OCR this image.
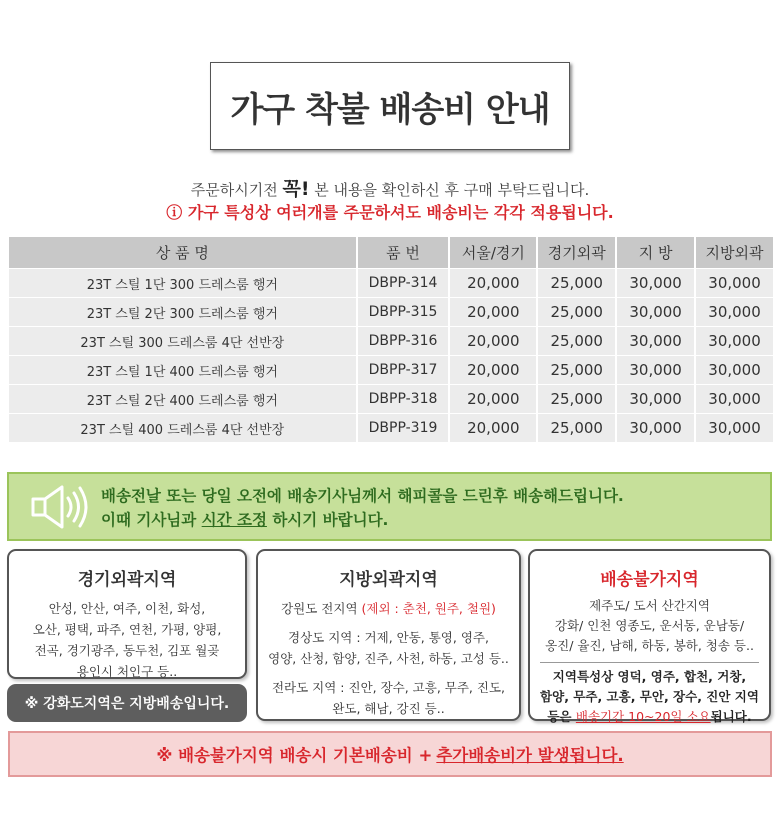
가구 착불 배송비 안내
주문하시기전 꼭! 본 내용을 확인하신 후 구매 부탁드립니다.
ⓘ 가구 특성상 여러개를 주문하셔도 배송비는 각각 적용됩니다.
상 품 명	품 번	서울/경기	경기외곽	지 방	지방외곽
23T 스틸 1단 300 드레스룸 행거	DBPP-314	20,000	25,000	30,000	30,000
23T 스틸 2단 300 드레스룸 행거	DBPP-315	20,000	25,000	30,000	30,000
23T 스틸 300 드레스룸 4단 선반장	DBPP-316	20,000	25,000	30,000	30,000
23T 스틸 1단 400 드레스룸 행거	DBPP-317	20,000	25,000	30,000	30,000
23T 스틸 2단 400 드레스룸 행거	DBPP-318	20,000	25,000	30,000	30,000
23T 스틸 400 드레스룸 4단 선반장	DBPP-319	20,000	25,000	30,000	30,000
배송전날 또는 당일 오전에 배송기사님께서 해피콜을 드린후 배송해드립니다.
이때 기사님과 시간 조정 하시기 바랍니다.
경기외곽지역
안성, 안산, 여주, 이천, 화성,
오산, 평택, 파주, 연천, 가평, 양평,
전곡, 경기광주, 동두천, 김포 월곶
용인시 처인구 등..
※ 강화도지역은 지방배송입니다.
지방외곽지역
강원도 전지역 (제외 : 춘천, 원주, 철원)
경상도 지역 : 거제, 안동, 통영, 영주,
영양, 산청, 함양, 진주, 사천, 하동, 고성 등..
전라도 지역 : 진안, 장수, 고흥, 무주, 진도,
완도, 해남, 강진 등..
배송불가지역
제주도/ 도서 산간지역
강화/ 인천 영종도, 운서동, 운남동/
옹진/ 율진, 남해, 하동, 봉하, 청송 등..
지역특성상 영덕, 영주, 합천, 거창,
함양, 무주, 고흥, 무안, 장수, 진안 지역
등은 배송기간 10~20일 소요됩니다.
※ 배송불가지역 배송시 기본배송비 + 추가배송비가 발생됩니다.
